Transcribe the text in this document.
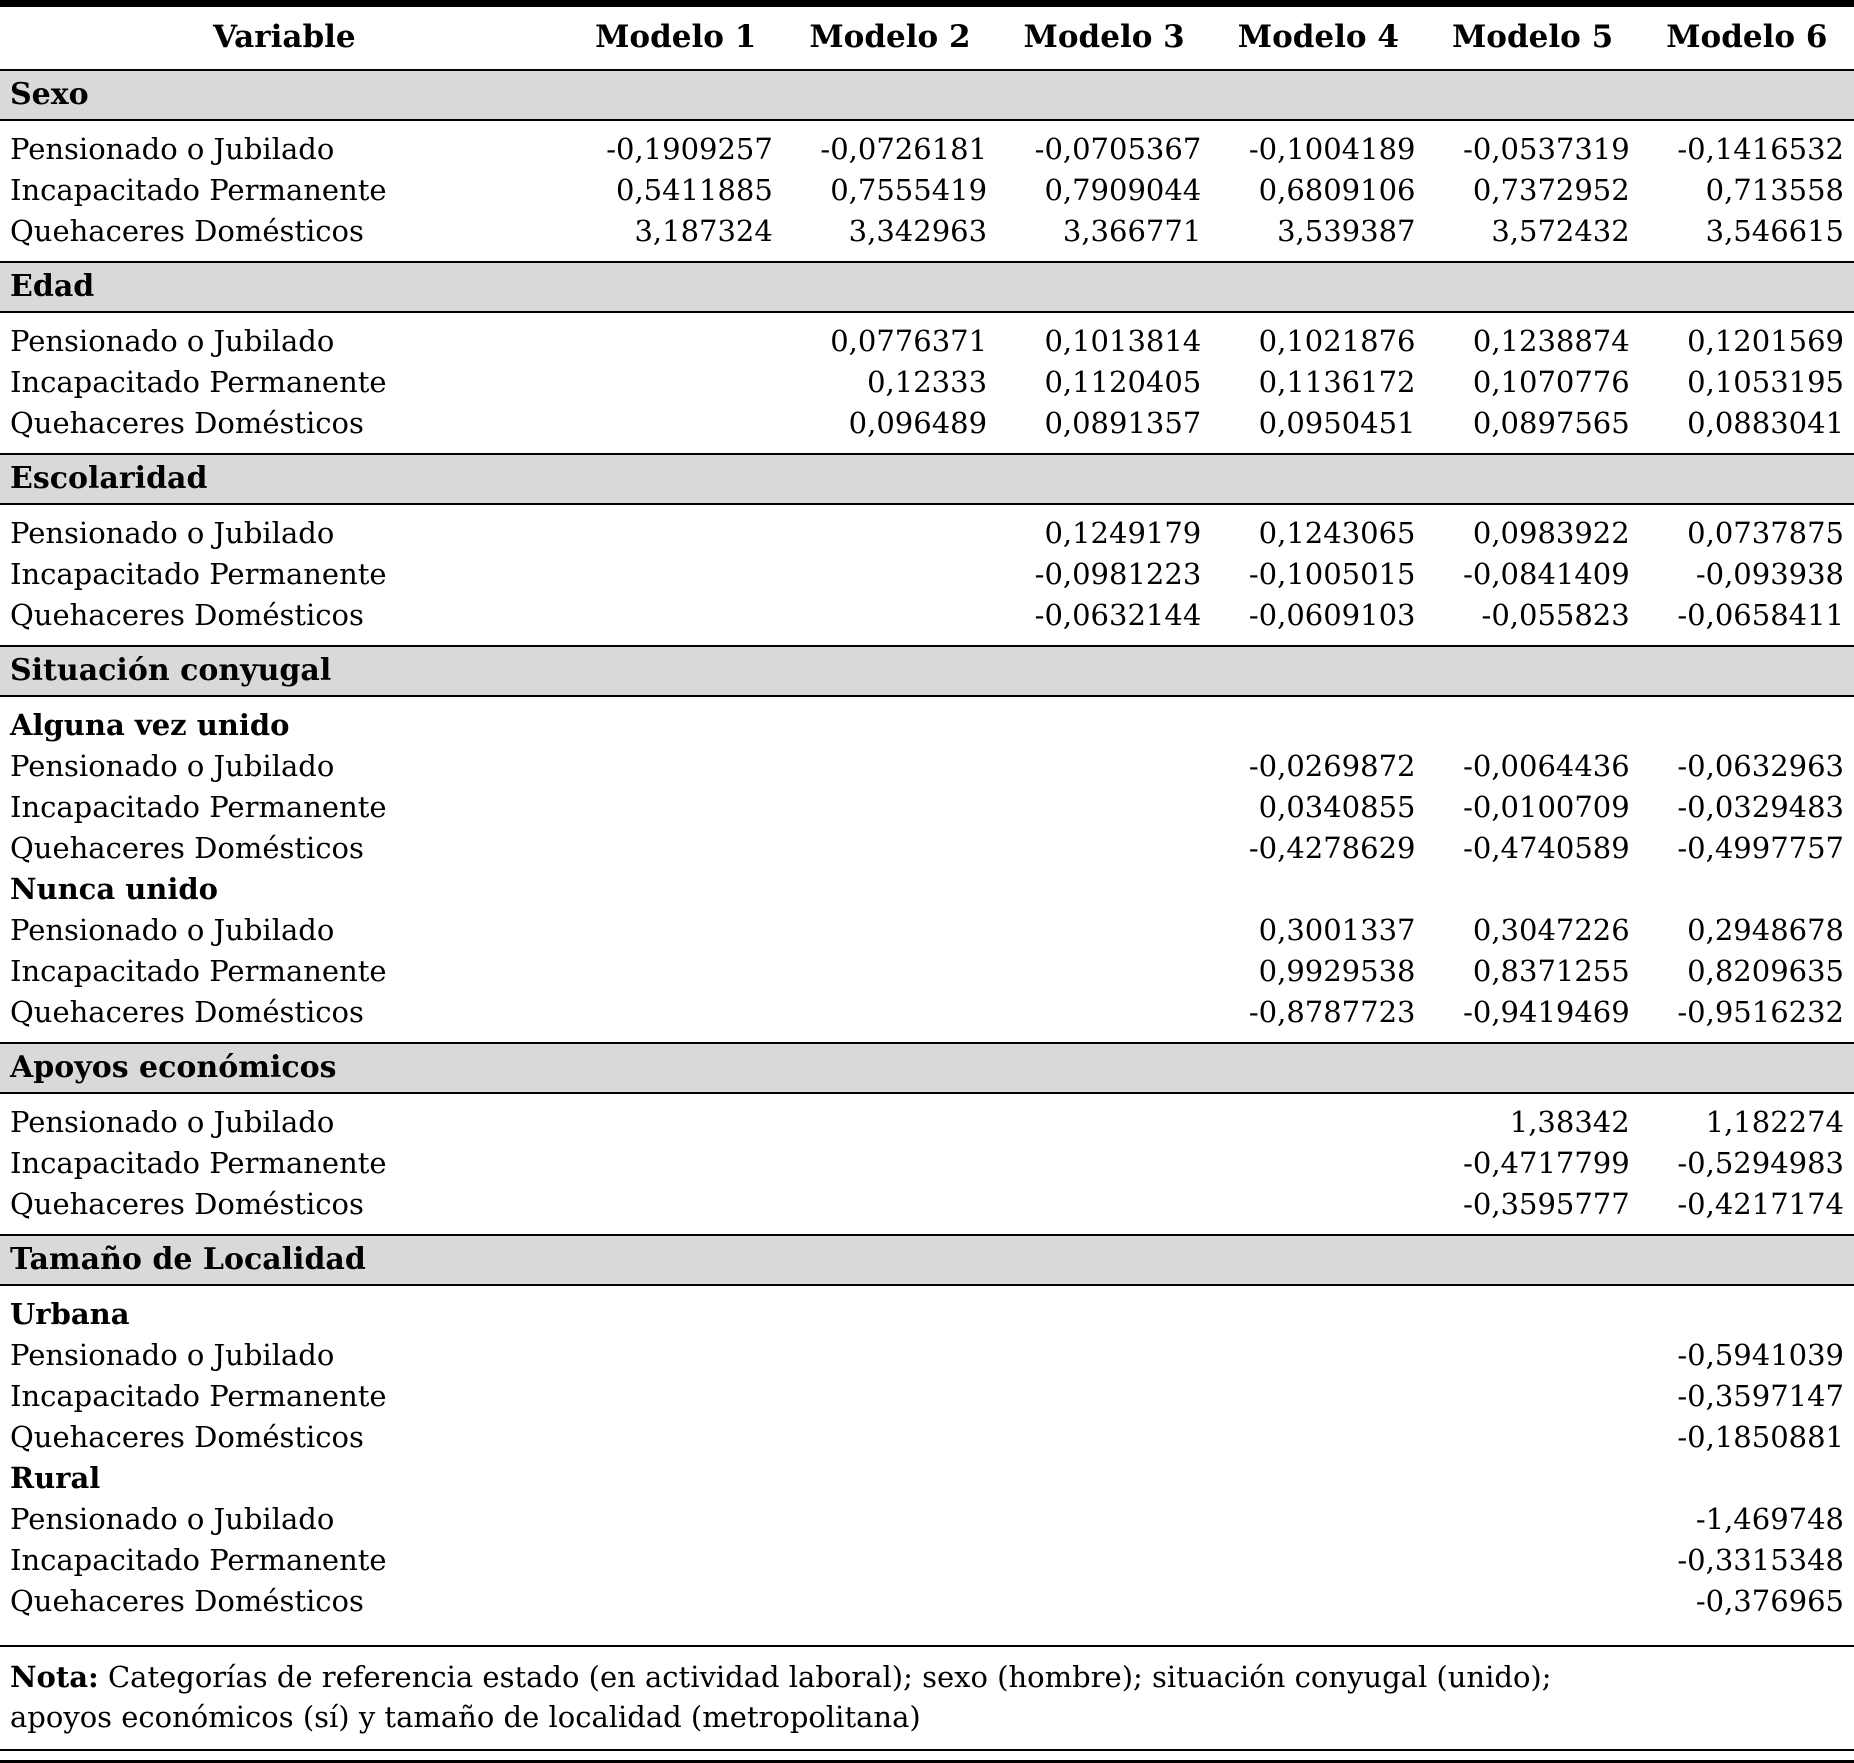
Variable	Modelo 1	Modelo 2	Modelo 3	Modelo 4	Modelo 5	Modelo 6
Sexo						
Pensionado o Jubilado	-0,1909257	-0,0726181	-0,0705367	-0,1004189	-0,0537319	-0,1416532
Incapacitado Permanente	0,5411885	0,7555419	0,7909044	0,6809106	0,7372952	0,713558
Quehaceres Domésticos	3,187324	3,342963	3,366771	3,539387	3,572432	3,546615
Edad						
Pensionado o Jubilado		0,0776371	0,1013814	0,1021876	0,1238874	0,1201569
Incapacitado Permanente		0,12333	0,1120405	0,1136172	0,1070776	0,1053195
Quehaceres Domésticos		0,096489	0,0891357	0,0950451	0,0897565	0,0883041
Escolaridad						
Pensionado o Jubilado			0,1249179	0,1243065	0,0983922	0,0737875
Incapacitado Permanente			-0,0981223	-0,1005015	-0,0841409	-0,093938
Quehaceres Domésticos			-0,0632144	-0,0609103	-0,055823	-0,0658411
Situación conyugal						
Alguna vez unido						
Pensionado o Jubilado				-0,0269872	-0,0064436	-0,0632963
Incapacitado Permanente				0,0340855	-0,0100709	-0,0329483
Quehaceres Domésticos				-0,4278629	-0,4740589	-0,4997757
Nunca unido						
Pensionado o Jubilado				0,3001337	0,3047226	0,2948678
Incapacitado Permanente				0,9929538	0,8371255	0,8209635
Quehaceres Domésticos				-0,8787723	-0,9419469	-0,9516232
Apoyos económicos						
Pensionado o Jubilado					1,38342	1,182274
Incapacitado Permanente					-0,4717799	-0,5294983
Quehaceres Domésticos					-0,3595777	-0,4217174
Tamaño de Localidad						
Urbana						
Pensionado o Jubilado						-0,5941039
Incapacitado Permanente						-0,3597147
Quehaceres Domésticos						-0,1850881
Rural						
Pensionado o Jubilado						-1,469748
Incapacitado Permanente						-0,3315348
Quehaceres Domésticos						-0,376965
Nota: Categorías de referencia estado (en actividad laboral); sexo (hombre); situación conyugal (unido);
apoyos económicos (sí) y tamaño de localidad (metropolitana)
